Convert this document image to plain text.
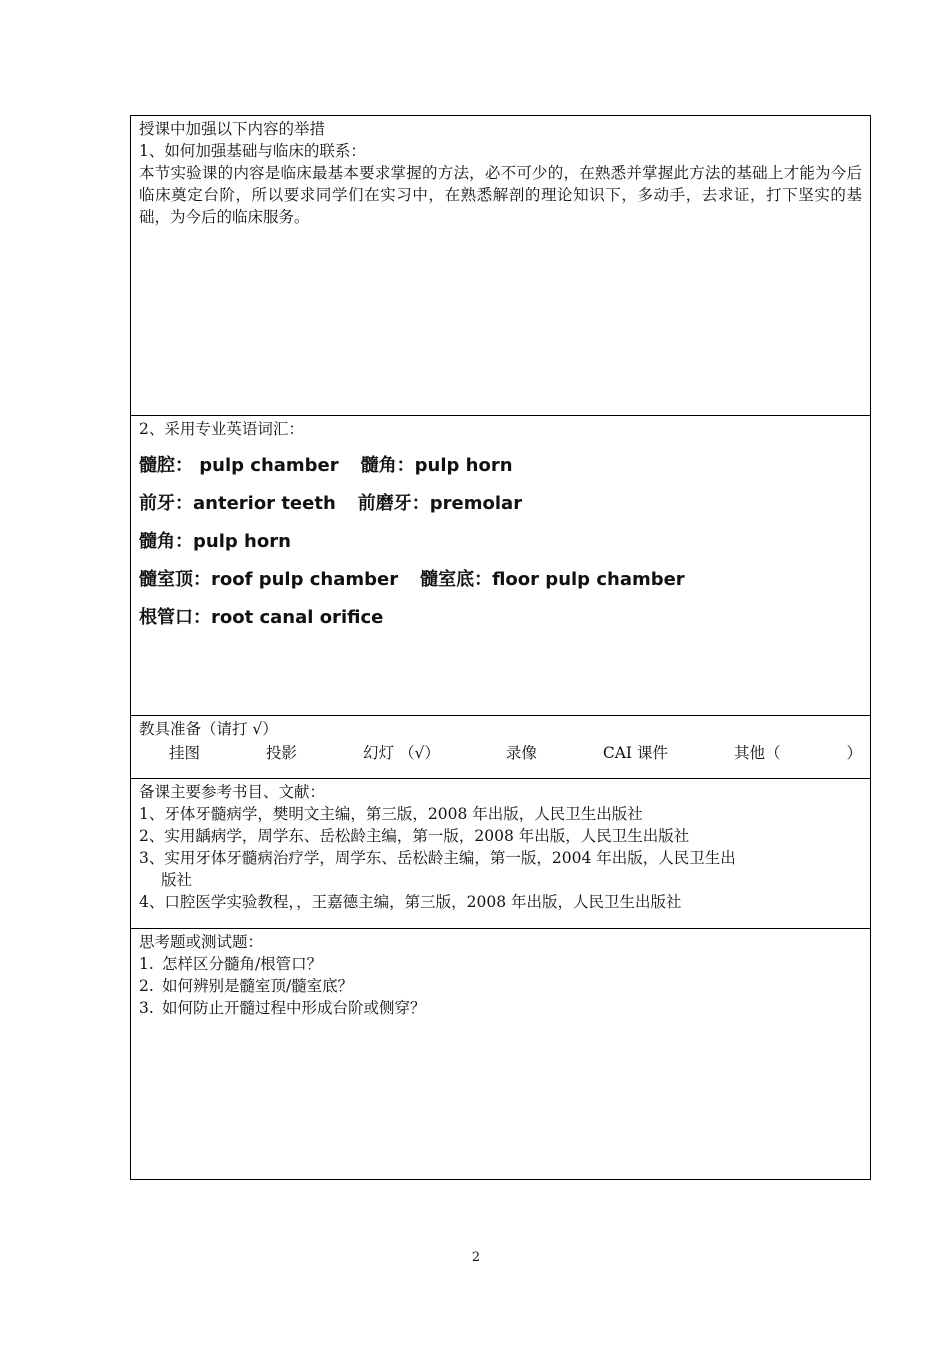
授课中加强以下内容的举措
1、如何加强基础与临床的联系：
本节实验课的内容是临床最基本要求掌握的方法，必不可少的，在熟悉并掌握此方法的基础上才能为今后临床奠定台阶，所以要求同学们在实习中，在熟悉解剖的理论知识下，多动手，去求证，打下坚实的基础，为今后的临床服务。
2、采用专业英语词汇：
髓腔： pulp chamber 髓角：pulp horn
前牙：anterior teeth 前磨牙：premolar
髓角：pulp horn
髓室顶：roof pulp chamber 髓室底：floor pulp chamber
根管口：root canal orifice
教具准备（请打 √）
挂图	投影	幻灯 （√）	录像	CAI 课件	其他（	）
备课主要参考书目、文献：
1、牙体牙髓病学，樊明文主编，第三版，2008 年出版，人民卫生出版社
2、实用龋病学，周学东、岳松龄主编，第一版，2008 年出版，人民卫生出版社
3、实用牙体牙髓病治疗学，周学东、岳松龄主编，第一版，2004 年出版，人民卫生出
版社
4、口腔医学实验教程，，王嘉德主编，第三版，2008 年出版，人民卫生出版社
思考题或测试题：
1. 怎样区分髓角/根管口？
2. 如何辨别是髓室顶/髓室底？
3. 如何防止开髓过程中形成台阶或侧穿？
2
